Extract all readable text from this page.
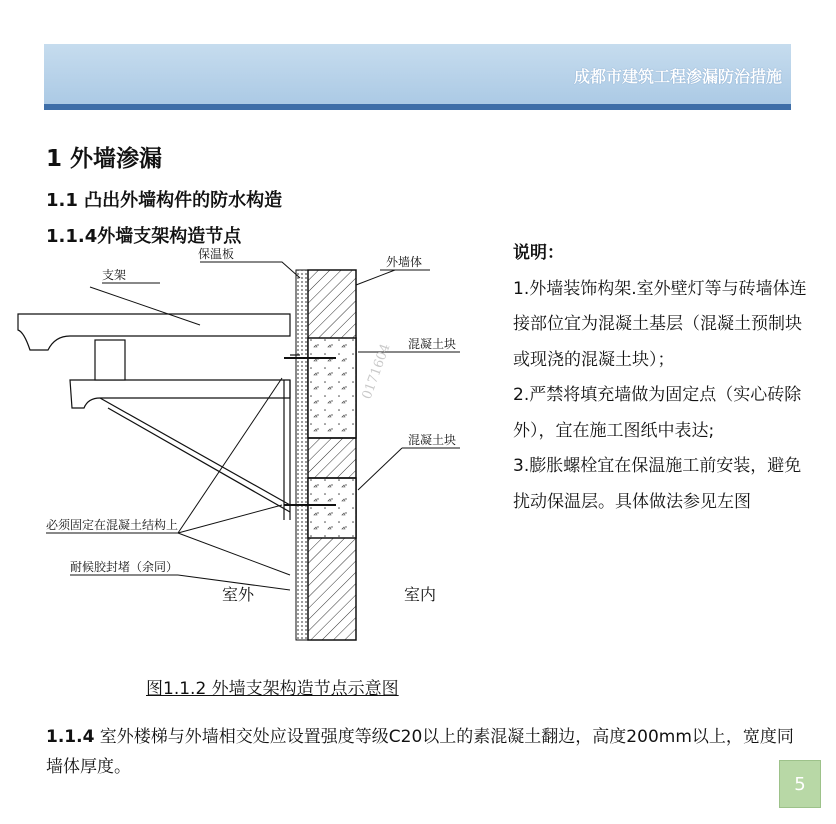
成都市建筑工程渗漏防治措施
1 外墙渗漏
1.1 凸出外墙构件的防水构造
1.1.4外墙支架构造节点
0171604
支架
保温板
外墙体
混凝土块
混凝土块
必须固定在混凝土结构上
耐候胶封堵（余同）
室外	室内
图1.1.2 外墙支架构造节点示意图

说明：

1.外墙装饰构架.室外壁灯等与砖墙体连接部位宜为混凝土基层（混凝土预制块或现浇的混凝土块）；

2.严禁将填充墙做为固定点（实心砖除外），宜在施工图纸中表达;

3.膨胀螺栓宜在保温施工前安装，避免扰动保温层。具体做法参见左图

1.1.4 室外楼梯与外墙相交处应设置强度等级C20以上的素混凝土翻边，高度200mm以上，宽度同墙体厚度。
5
